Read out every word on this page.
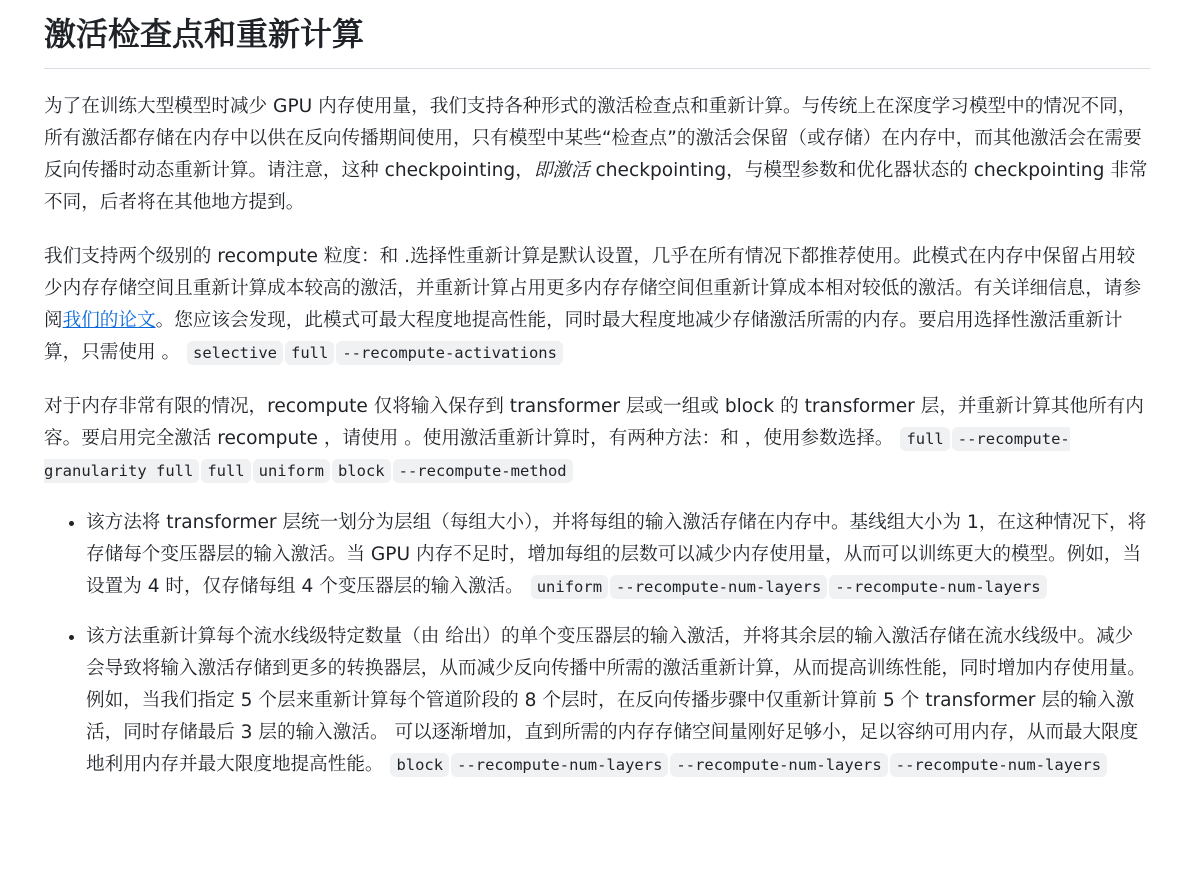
激活检查点和重新计算

为了在训练大型模型时减少 GPU 内存使用量，我们支持各种形式的激活检查点和重新计算。与传统上在深度学习模型中的情况不同，所有激活都存储在内存中以供在反向传播期间使用，只有模型中某些“检查点”的激活会保留（或存储）在内存中，而其他激活会在需要反向传播时动态重新计算。请注意，这种 checkpointing，即激活 checkpointing，与模型参数和优化器状态的 checkpointing 非常不同，后者将在其他地方提到。

我们支持两个级别的 recompute 粒度：和 .选择性重新计算是默认设置，几乎在所有情况下都推荐使用。此模式在内存中保留占用较少内存存储空间且重新计算成本较高的激活，并重新计算占用更多内存存储空间但重新计算成本相对较低的激活。有关详细信息，请参阅我们的论文。您应该会发现，此模式可最大程度地提高性能，同时最大程度地减少存储激活所需的内存。要启用选择性激活重新计算，只需使用 。 selective full --recompute-activations

对于内存非常有限的情况，recompute 仅将输入保存到 transformer 层或一组或 block 的 transformer 层，并重新计算其他所有内容。要启用完全激活 recompute ，请使用 。使用激活重新计算时，有两种方法：和 ，使用参数选择。 full --recompute-granularity full full uniform block --recompute-method

• 该方法将 transformer 层统一划分为层组（每组大小），并将每组的输入激活存储在内存中。基线组大小为 1，在这种情况下，将存储每个变压器层的输入激活。当 GPU 内存不足时，增加每组的层数可以减少内存使用量，从而可以训练更大的模型。例如，当设置为 4 时，仅存储每组 4 个变压器层的输入激活。 uniform --recompute-num-layers --recompute-num-layers
• 该方法重新计算每个流水线级特定数量（由 给出）的单个变压器层的输入激活，并将其余层的输入激活存储在流水线级中。减少会导致将输入激活存储到更多的转换器层，从而减少反向传播中所需的激活重新计算，从而提高训练性能，同时增加内存使用量。例如，当我们指定 5 个层来重新计算每个管道阶段的 8 个层时，在反向传播步骤中仅重新计算前 5 个 transformer 层的输入激活，同时存储最后 3 层的输入激活。 可以逐渐增加，直到所需的内存存储空间量刚好足够小，足以容纳可用内存，从而最大限度地利用内存并最大限度地提高性能。 block --recompute-num-layers --recompute-num-layers --recompute-num-layers
